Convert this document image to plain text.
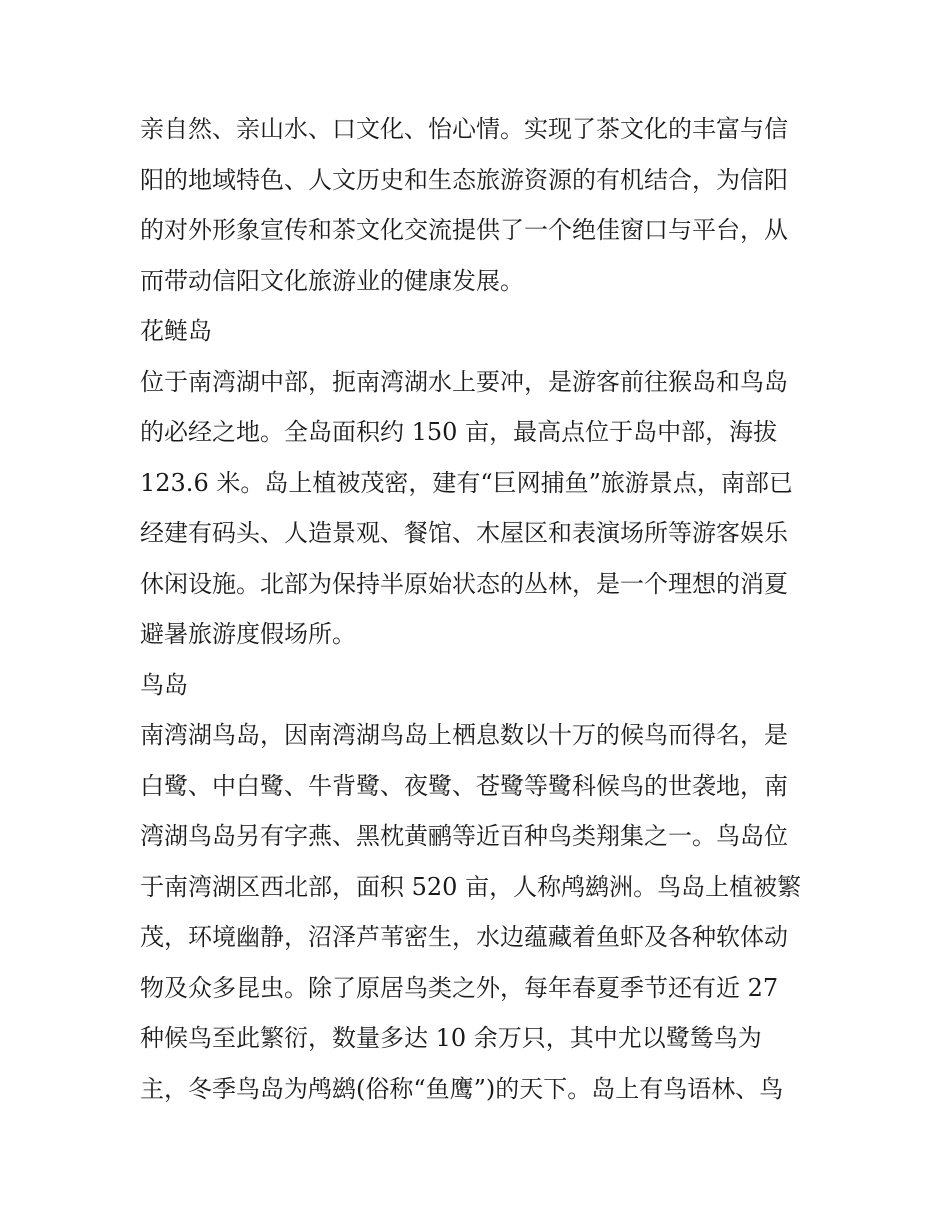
亲自然、亲山水、口文化、怡心情。实现了茶文化的丰富与信

阳的地域特色、人文历史和生态旅游资源的有机结合，为信阳

的对外形象宣传和茶文化交流提供了一个绝佳窗口与平台，从

而带动信阳文化旅游业的健康发展。

花鲢岛

位于南湾湖中部，扼南湾湖水上要冲，是游客前往猴岛和鸟岛

的必经之地。全岛面积约 150 亩，最高点位于岛中部，海拔

123.6 米。岛上植被茂密，建有“巨网捕鱼”旅游景点，南部已

经建有码头、人造景观、餐馆、木屋区和表演场所等游客娱乐

休闲设施。北部为保持半原始状态的丛林，是一个理想的消夏

避暑旅游度假场所。

鸟岛

南湾湖鸟岛，因南湾湖鸟岛上栖息数以十万的候鸟而得名，是

白鹭、中白鹭、牛背鹭、夜鹭、苍鹭等鹭科候鸟的世袭地，南

湾湖鸟岛另有字燕、黑枕黄鹂等近百种鸟类翔集之一。鸟岛位

于南湾湖区西北部，面积 520 亩，人称鸬鹚洲。鸟岛上植被繁

茂，环境幽静，沼泽芦苇密生，水边蕴藏着鱼虾及各种软体动

物及众多昆虫。除了原居鸟类之外，每年春夏季节还有近 27

种候鸟至此繁衍，数量多达 10 余万只，其中尤以鹭鸶鸟为

主，冬季鸟岛为鸬鹚(俗称“鱼鹰”)的天下。岛上有鸟语林、鸟
